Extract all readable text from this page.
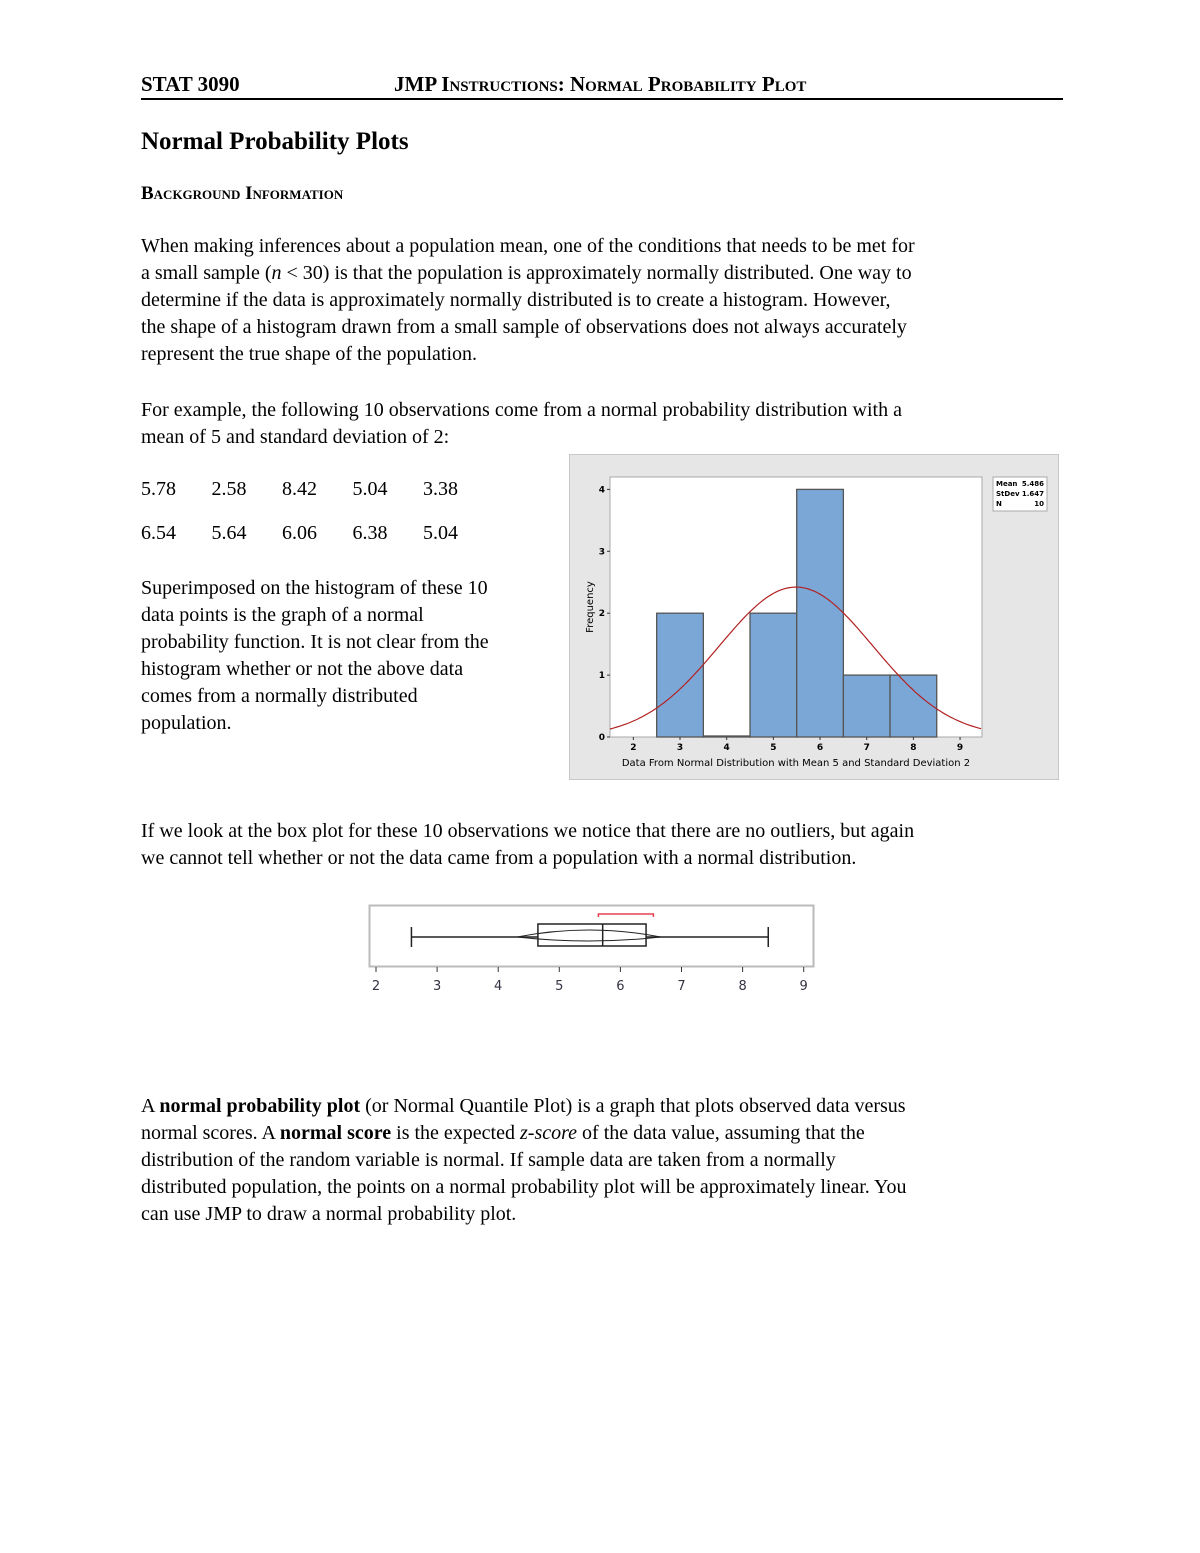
STAT 3090	JMP Instructions: Normal Probability Plot
Normal Probability Plots
Background Information
When making inferences about a population mean, one of the conditions that needs to be met for
a small sample (n < 30) is that the population is approximately normally distributed. One way to
determine if the data is approximately normally distributed is to create a histogram. However,
the shape of a histogram drawn from a small sample of observations does not always accurately
represent the true shape of the population.
For example, the following 10 observations come from a normal probability distribution with a
mean of 5 and standard deviation of 2:
5.78 2.58 8.42 5.04 3.38
6.54 5.64 6.06 6.38 5.04
Superimposed on the histogram of these 10
data points is the graph of a normal
probability function. It is not clear from the
histogram whether or not the above data
comes from a normally distributed
population.
2	3	4	5	6	7	8	9
0
1
2
3
4
Data From Normal Distribution with Mean 5 and Standard Deviation 2
Frequency
Mean 5.486
StDev 1.647
N	10
If we look at the box plot for these 10 observations we notice that there are no outliers, but again
we cannot tell whether or not the data came from a population with a normal distribution.
2	3	4	5	6	7	8	9
A normal probability plot (or Normal Quantile Plot) is a graph that plots observed data versus
normal scores. A normal score is the expected z-score of the data value, assuming that the
distribution of the random variable is normal. If sample data are taken from a normally
distributed population, the points on a normal probability plot will be approximately linear. You
can use JMP to draw a normal probability plot.
